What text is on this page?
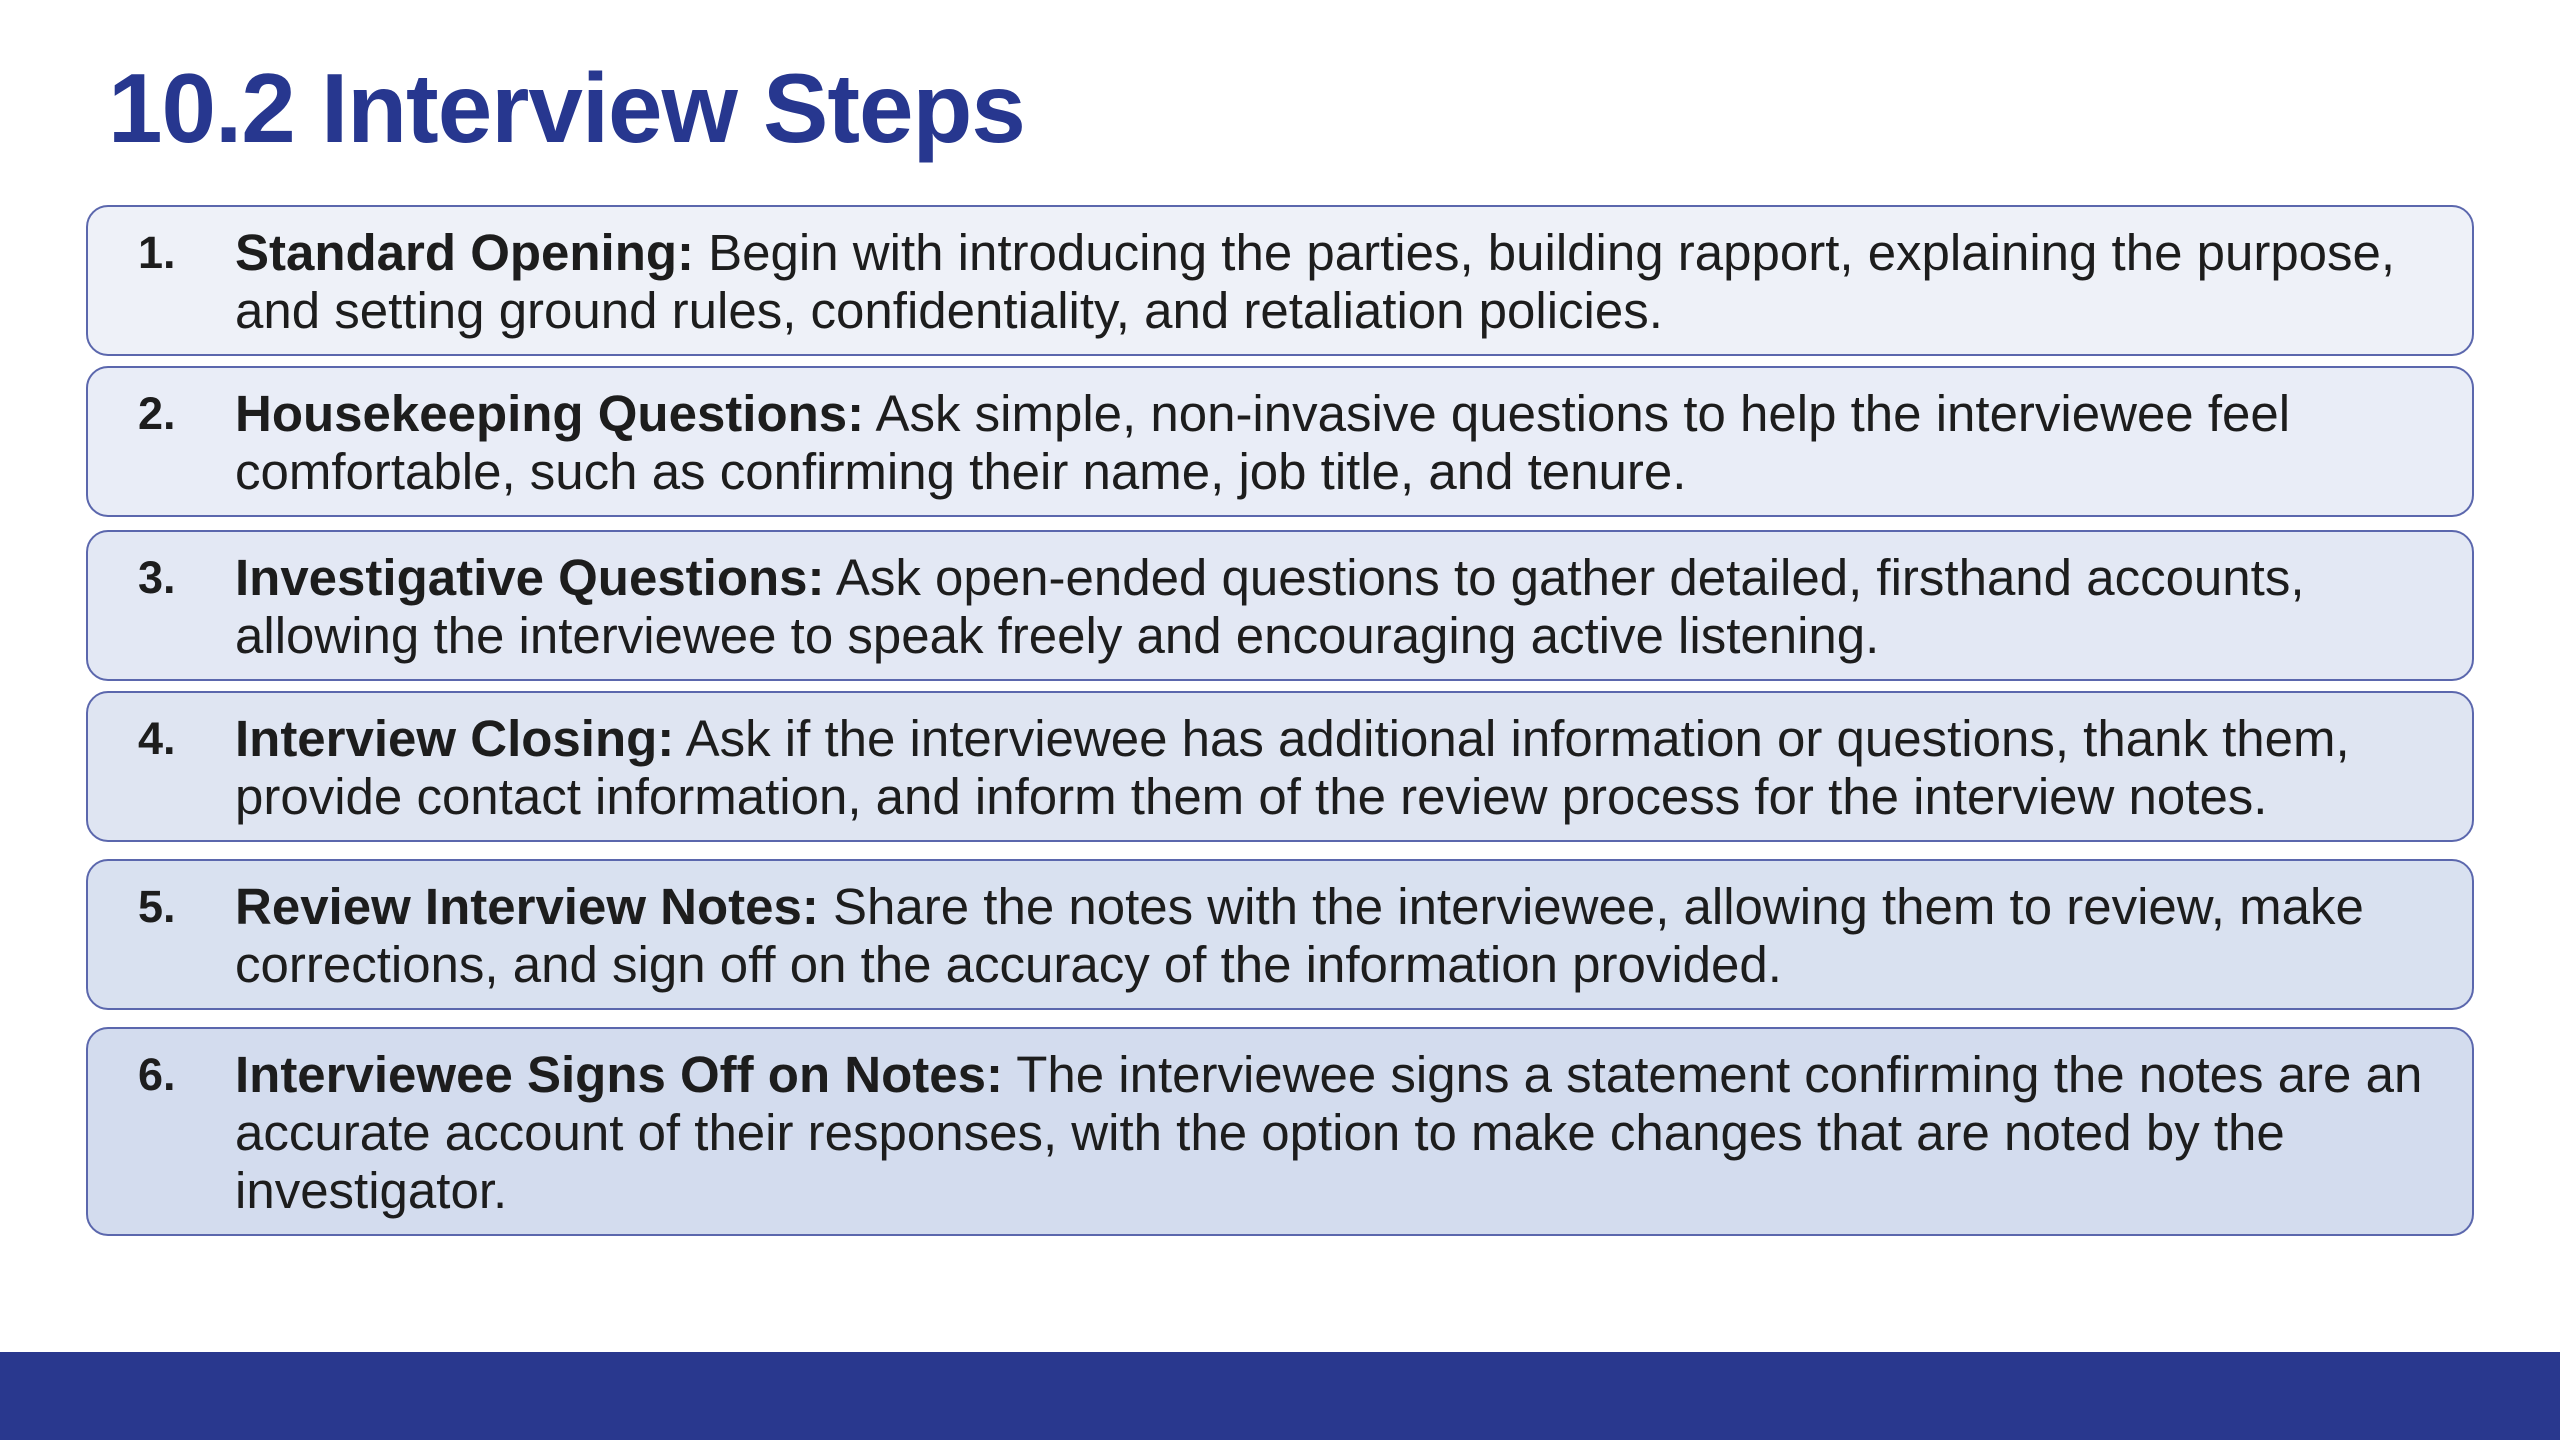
10.2 Interview Steps
1. Standard Opening: Begin with introducing the parties, building rapport, explaining the purpose, and setting ground rules, confidentiality, and retaliation policies.
2. Housekeeping Questions: Ask simple, non-invasive questions to help the interviewee feel comfortable, such as confirming their name, job title, and tenure.
3. Investigative Questions: Ask open-ended questions to gather detailed, firsthand accounts, allowing the interviewee to speak freely and encouraging active listening.
4. Interview Closing: Ask if the interviewee has additional information or questions, thank them, provide contact information, and inform them of the review process for the interview notes.
5. Review Interview Notes: Share the notes with the interviewee, allowing them to review, make corrections, and sign off on the accuracy of the information provided.
6. Interviewee Signs Off on Notes: The interviewee signs a statement confirming the notes are an accurate account of their responses, with the option to make changes that are noted by the investigator.
